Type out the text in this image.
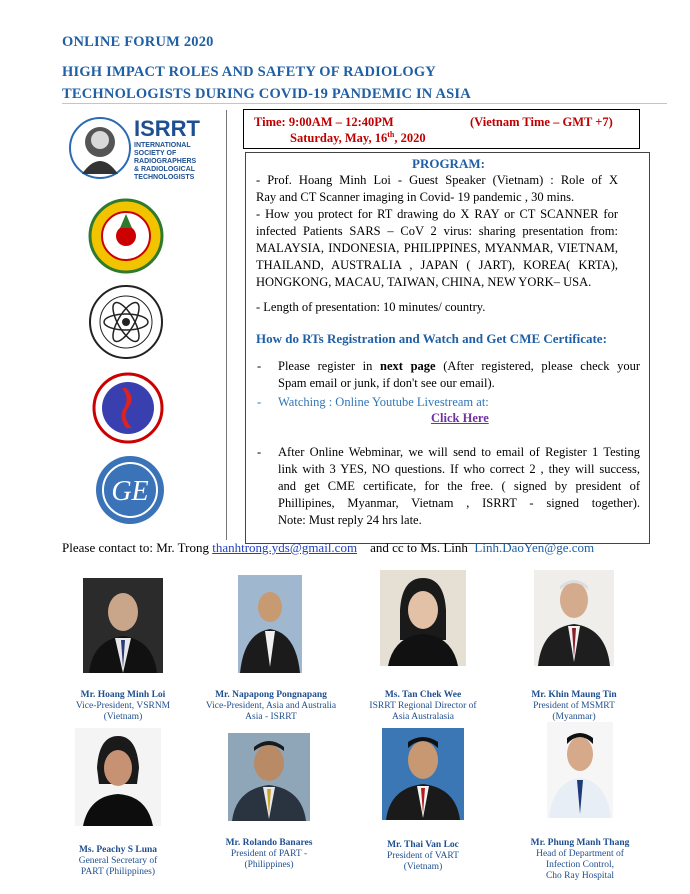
ONLINE FORUM 2020
HIGH IMPACT ROLES AND SAFETY OF RADIOLOGY
TECHNOLOGISTS DURING COVID-19 PANDEMIC IN ASIA
ISRRT
INTERNATIONAL
SOCIETY OF
RADIOGRAPHERS
& RADIOLOGICAL
TECHNOLOGISTS
GE
Time: 9:00AM – 12:40PM	(Vietnam Time – GMT +7)
Saturday, May, 16th, 2020
PROGRAM:
- Prof. Hoang Minh Loi - Guest Speaker (Vietnam) : Role of X
Ray and CT Scanner imaging in Covid- 19 pandemic , 30 mins.
- How you protect for RT drawing do X RAY or CT SCANNER for
infected Patients SARS – CoV 2 virus: sharing presentation from:
MALAYSIA, INDONESIA, PHILIPPINES, MYANMAR, VIETNAM,
THAILAND, AUSTRALIA , JAPAN ( JART), KOREA( KRTA),
HONGKONG, MACAU, TAIWAN, CHINA, NEW YORK– USA.
- Length of presentation: 10 minutes/ country.
How do RTs Registration and Watch and Get CME Certificate:
- Please register in next page (After registered, please check your
Spam email or junk, if don't see our email).
- Watching : Online Youtube Livestream at:
Click Here
- After Online Webminar, we will send to email of Register 1 Testing
link with 3 YES, NO questions. If who correct 2 , they will success,
and get CME certificate, for the free. ( signed by president of
Phillipines, Myanmar, Vietnam , ISRRT - signed together).
Note: Must reply 24 hrs late.
Please contact to: Mr. Trong thanhtrong.yds@gmail.com    and cc to Ms. Linh  Linh.DaoYen@ge.com
Mr. Hoang Minh Loi
Vice-President, VSRNM
(Vietnam)
Mr. Napapong Pongnapang
Vice-President, Asia and Australia
Asia - ISRRT
Ms. Tan Chek Wee
ISRRT Regional Director of
Asia Australasia
Mr. Khin Maung Tin
President of MSMRT
(Myanmar)
Ms. Peachy S Luna
General Secretary of
PART (Philippines)
Mr. Rolando Banares
President of PART -
(Philippines)
Mr. Thai Van Loc
President of VART
(Vietnam)
Mr. Phung Manh Thang
Head of Department of
Infection Control,
Cho Ray Hospital
